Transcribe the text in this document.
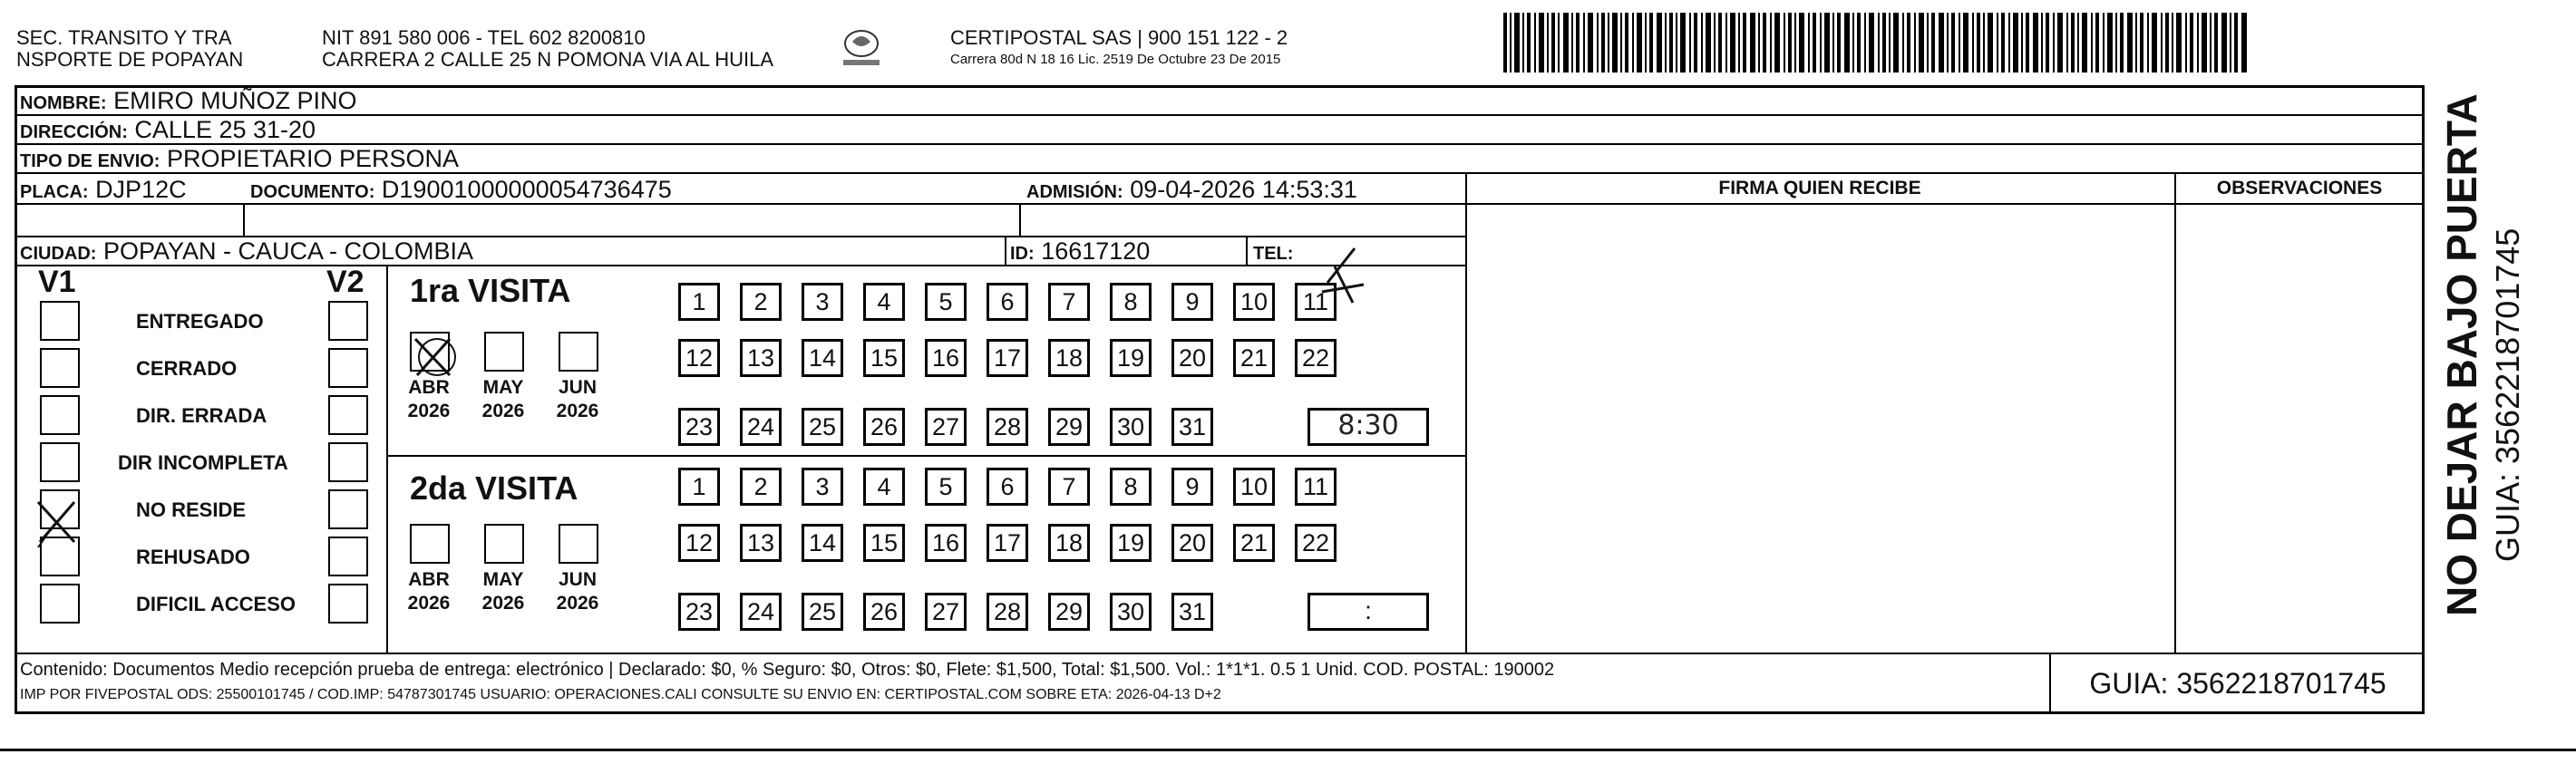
SEC. TRANSITO Y TRA
NSPORTE DE POPAYAN
NIT 891 580 006 - TEL 602 8200810
CARRERA 2 CALLE 25 N POMONA VIA AL HUILA
CERTIPOSTAL SAS | 900 151 122 - 2
Carrera 80d N 18 16 Lic. 2519 De Octubre 23 De 2015
NOMBRE: EMIRO MUÑOZ PINO
DIRECCIÓN: CALLE 25 31-20
TIPO DE ENVIO: PROPIETARIO PERSONA
FIRMA QUIEN RECIBE	OBSERVACIONES
PLACA: DJP12C	DOCUMENTO: D19001000000054736475	ADMISIÓN: 09-04-2026 14:53:31
CIUDAD: POPAYAN - CAUCA - COLOMBIA	ID: 16617120	TEL:
V1	V2
ENTREGADO
CERRADO
DIR. ERRADA
DIR INCOMPLETA
NO RESIDE
REHUSADO
DIFICIL ACCESO
1ra VISITA
2da VISITA
ABR
2026
MAY
2026
JUN
2026
ABR
2026
MAY
2026
JUN
2026
1	2	3	4	5	6	7	8	9	10	11
12 13 14 15 16 17 18 19 20 21 22
23 24 25 26 27 28 29 30 31
1	2	3	4	5	6	7	8	9	10	11
12 13 14 15 16 17 18 19 20 21 22
23 24 25 26 27 28 29 30 31
8:30
:	NO DEJAR BAJO PUERTA GUIA: 3562218701745
Contenido: Documentos Medio recepción prueba de entrega: electrónico | Declarado: $0, % Seguro: $0, Otros: $0, Flete: $1,500, Total: $1,500. Vol.: 1*1*1. 0.5 1 Unid. COD. POSTAL: 190002
IMP POR FIVEPOSTAL ODS: 25500101745 / COD.IMP: 54787301745 USUARIO: OPERACIONES.CALI CONSULTE SU ENVIO EN: CERTIPOSTAL.COM SOBRE ETA: 2026-04-13 D+2	GUIA: 3562218701745
